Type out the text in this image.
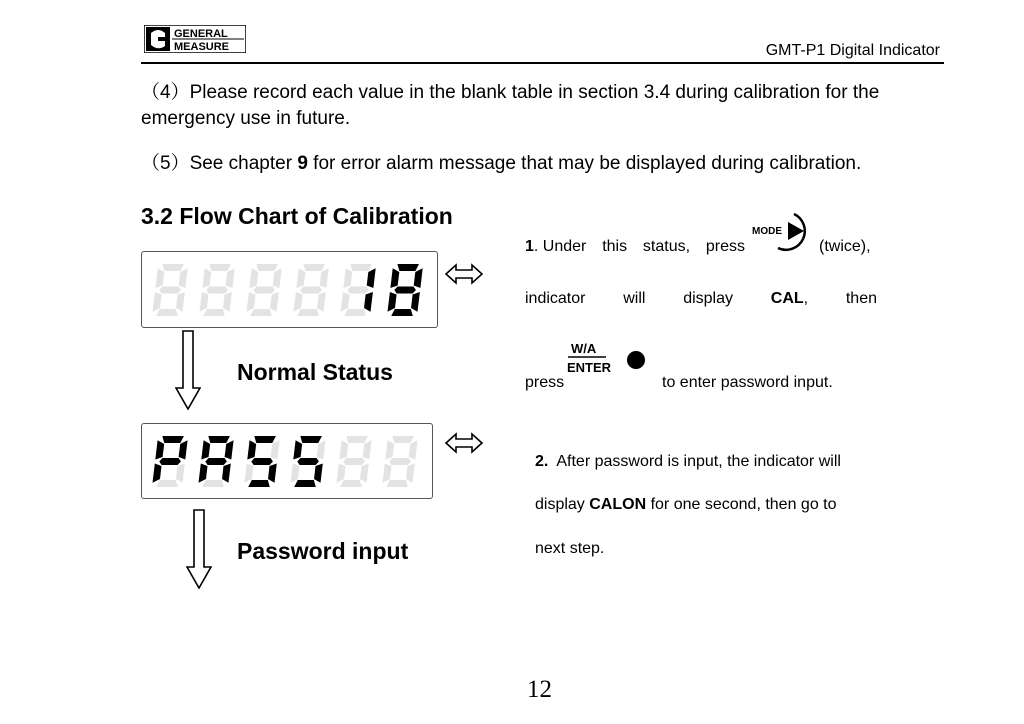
GENERAL
MEASURE	GMT-P1 Digital Indicator
（4）Please record each value in the blank table in section 3.4 during calibration for the emergency use in future.
（5）See chapter 9 for error alarm message that may be displayed during calibration.
3.2 Flow Chart of Calibration
Normal Status
Password input
1. Under this status, press
MODE
(twice),
indicator will display CAL, then
press
W/A
ENTER
to enter password input.
2.  After password is input, the indicator will
display CALON for one second, then go to
next step.
12
